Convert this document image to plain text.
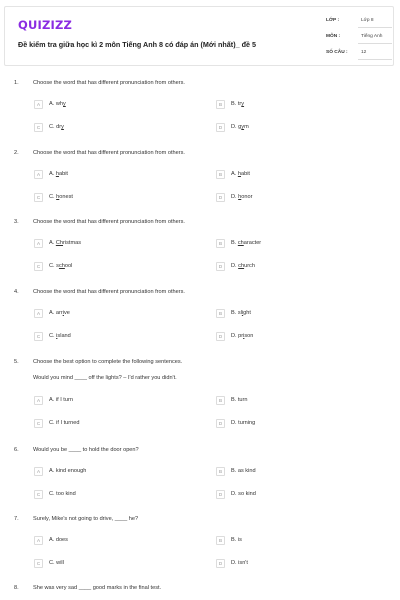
QUIZIZZ
Đề kiểm tra giữa học kì 2 môn Tiếng Anh 8 có đáp án (Mới nhất)_ đề 5
LỚP :	Lớp 8
MÔN :	Tiếng Anh
SỐ CÂU :	12
1.	Choose the word that has different pronunciation from others.
A	A. why	B	B. try
C	C. dry	D	D. gym
2.	Choose the word that has different pronunciation from others.
A	A. habit	B	A. habit
C	C. honest	D	D. honor
3.	Choose the word that has different pronunciation from others.
A	A. Christmas	B	B. character
C	C. school	D	D. church
4.	Choose the word that has different pronunciation from others.
A	A. arrive	B	B. slight
C	C. island	D	D. prison
5.	Choose the best option to complete the following sentences.
Would you mind ____ off the lights? – I'd rather you didn't.
A	A. if I turn	B	B. turn
C	C. if I turned	D	D. turning
6.	Would you be ____ to hold the door open?
A	A. kind enough	B	B. as kind
C	C. too kind	D	D. so kind
7.	Surely, Mike's not going to drive, ____ he?
A	A. does	B	B. is
C	C. will	D	D. isn't
8.	She was very sad ____ good marks in the final test.
